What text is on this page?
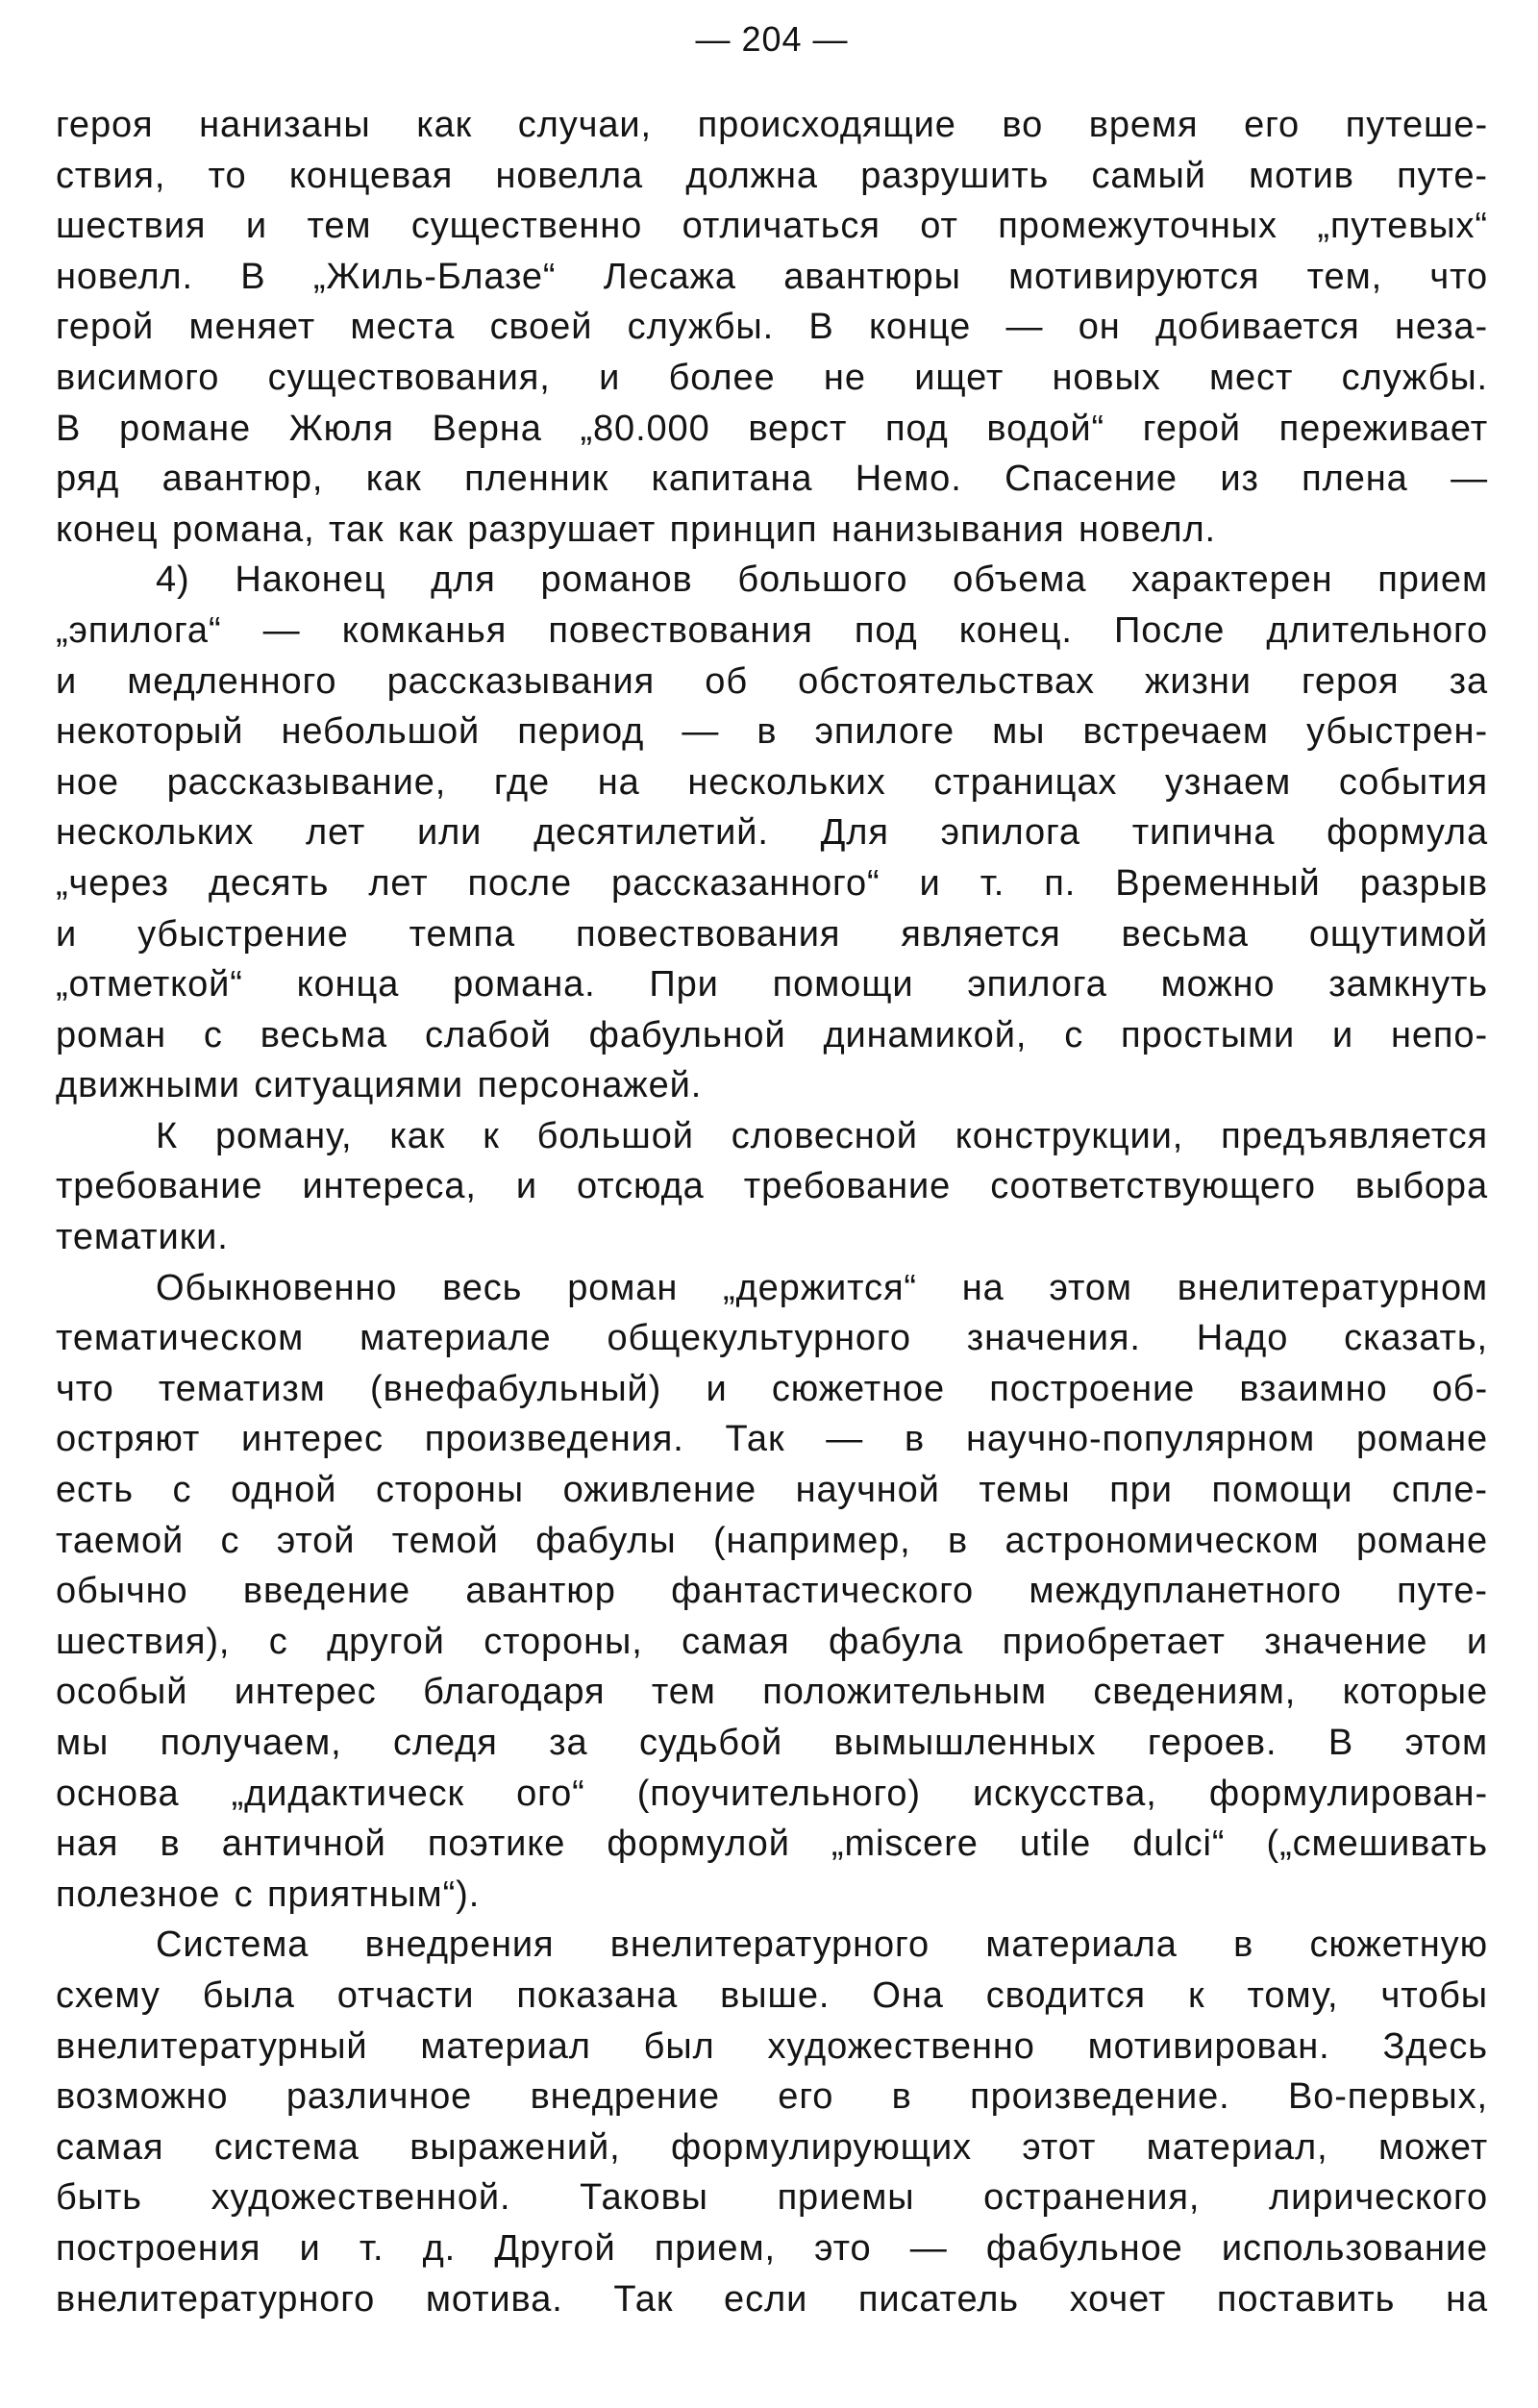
— 204 —

героя нанизаны как случаи, происходящие во время его путеше-
ствия, то концевая новелла должна разрушить самый мотив путе-
шествия и тем существенно отличаться от промежуточных „путевых“
новелл. В „Жиль-Блазе“ Лесажа авантюры мотивируются тем, что
герой меняет места своей службы. В конце — он добивается неза-
висимого существования, и более не ищет новых мест службы.
В романе Жюля Верна „80.000 верст под водой“ герой переживает
ряд авантюр, как пленник капитана Немо. Спасение из плена —
конец романа, так как разрушает принцип нанизывания новелл.

4) Наконец для романов большого объема характерен прием
„эпилога“ — комканья повествования под конец. После длительного
и медленного рассказывания об обстоятельствах жизни героя за
некоторый небольшой период — в эпилоге мы встречаем убыстрен-
ное рассказывание, где на нескольких страницах узнаем события
нескольких лет или десятилетий. Для эпилога типична формула
„через десять лет после рассказанного“ и т. п. Временный разрыв
и убыстрение темпа повествования является весьма ощутимой
„отметкой“ конца романа. При помощи эпилога можно замкнуть
роман с весьма слабой фабульной динамикой, с простыми и непо-
движными ситуациями персонажей.

К роману, как к большой словесной конструкции, предъявляется
требование интереса, и отсюда требование соответствующего выбора
тематики.

Обыкновенно весь роман „держится“ на этом внелитературном
тематическом материале общекультурного значения. Надо сказать,
что тематизм (внефабульный) и сюжетное построение взаимно об-
остряют интерес произведения. Так — в научно-популярном романе
есть с одной стороны оживление научной темы при помощи спле-
таемой с этой темой фабулы (например, в астрономическом романе
обычно введение авантюр фантастического междупланетного путе-
шествия), с другой стороны, самая фабула приобретает значение и
особый интерес благодаря тем положительным сведениям, которые
мы получаем, следя за судьбой вымышленных героев. В этом
основа „дидактическ ого“ (поучительного) искусства, формулирован-
ная в античной поэтике формулой „miscere utile dulci“ („смешивать
полезное с приятным“).

Система внедрения внелитературного материала в сюжетную
схему была отчасти показана выше. Она сводится к тому, чтобы
внелитературный материал был художественно мотивирован. Здесь
возможно различное внедрение его в произведение. Во-первых,
самая система выражений, формулирующих этот материал, может
быть художественной. Таковы приемы остранения, лирического
построения и т. д. Другой прием, это — фабульное использование
внелитературного мотива. Так если писатель хочет поставить на
